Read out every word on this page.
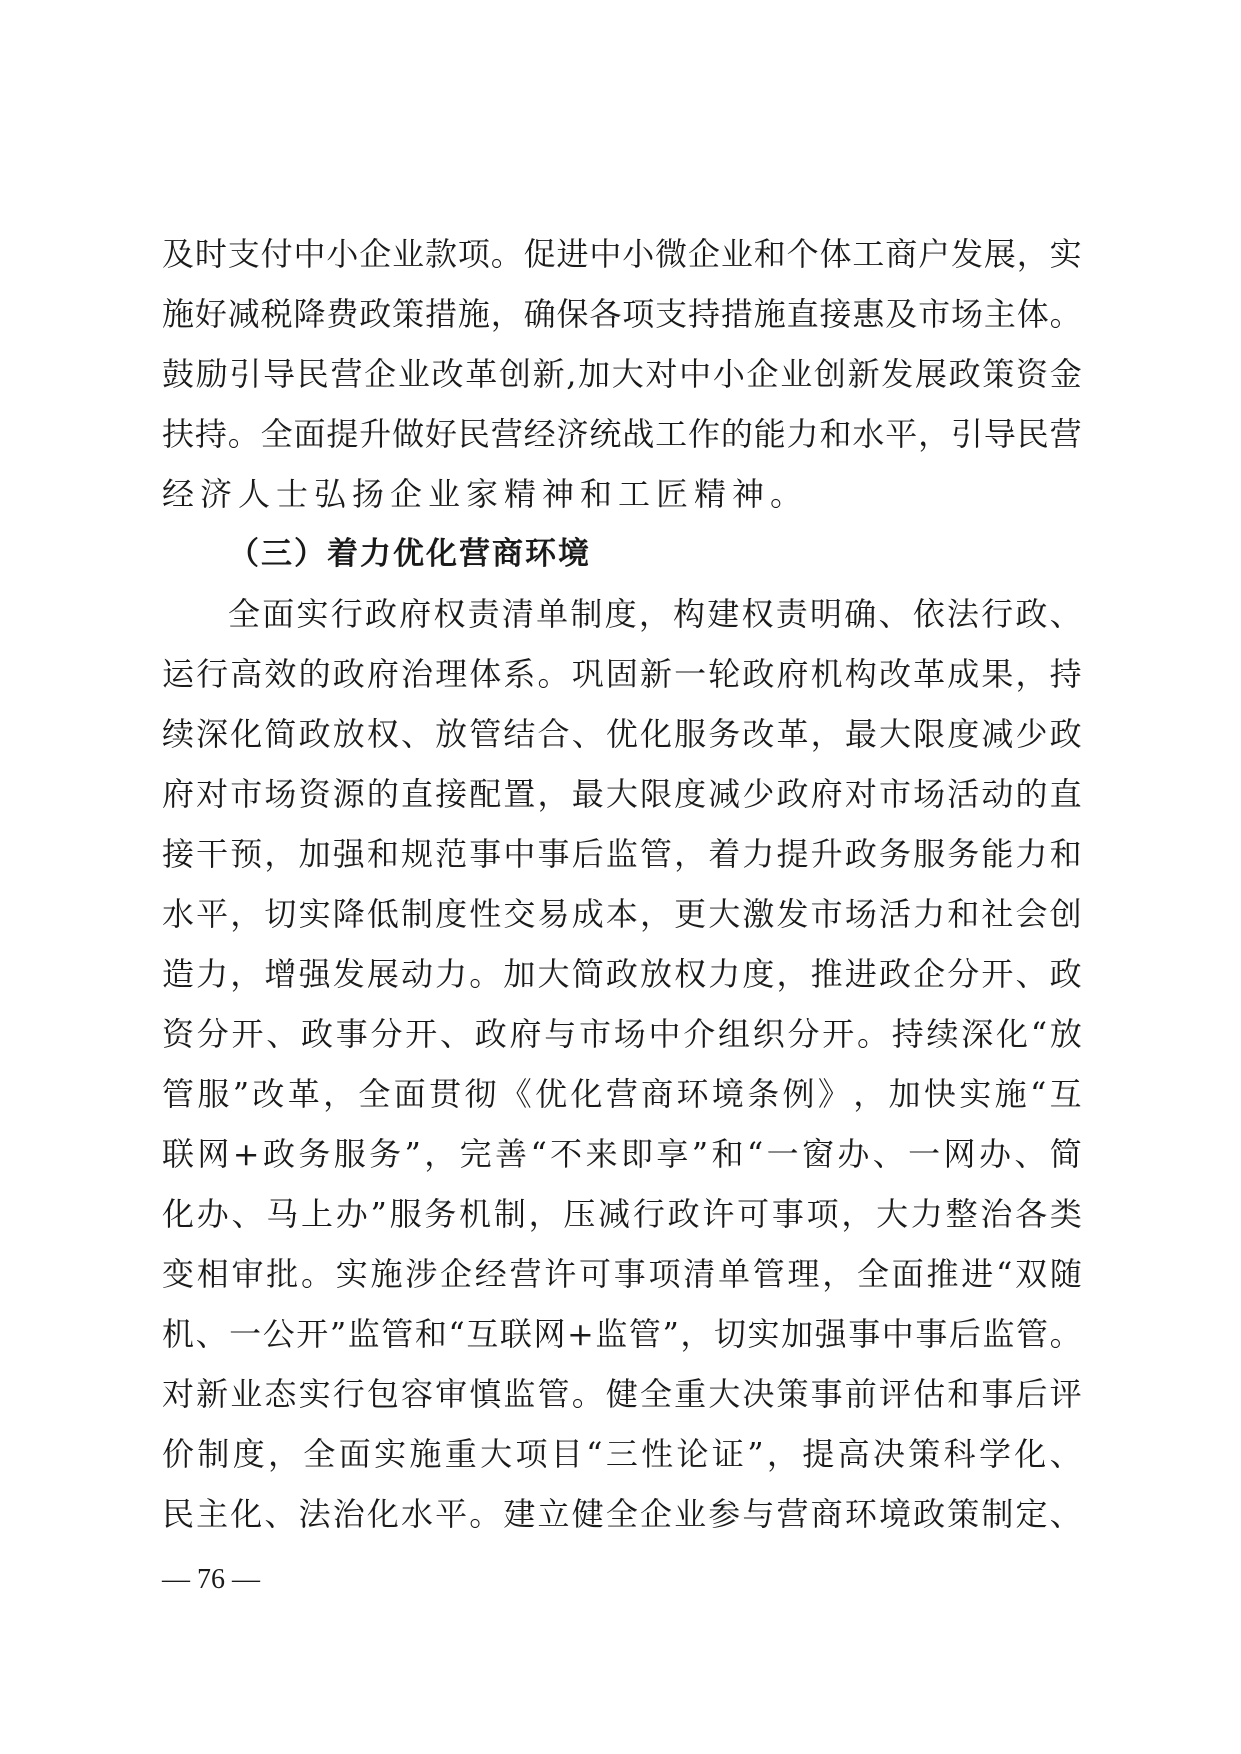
及 时 支 付 中 小 企 业 款 项 。 促 进 中 小 微 企 业 和 个 体 工 商 户 发 展 ， 实
施 好 减 税 降 费 政 策 措 施 ， 确 保 各 项 支 持 措 施 直 接 惠 及 市 场 主 体 。
鼓 励 引 导 民 营 企 业 改 革 创 新 , 加 大 对 中 小 企 业 创 新 发 展 政 策 资 金
扶 持 。 全 面 提 升 做 好 民 营 经 济 统 战 工 作 的 能 力 和 水 平 ， 引 导 民 营
经济人士弘扬企业家精神和工匠精神。
（三）着力优化营商环境
全 面 实 行 政 府 权 责 清 单 制 度 ， 构 建 权 责 明 确 、 依 法 行 政 、
运 行 高 效 的 政 府 治 理 体 系 。 巩 固 新 一 轮 政 府 机 构 改 革 成 果 ， 持
续 深 化 简 政 放 权 、 放 管 结 合 、 优 化 服 务 改 革 ， 最 大 限 度 减 少 政
府 对 市 场 资 源 的 直 接 配 置 ， 最 大 限 度 减 少 政 府 对 市 场 活 动 的 直
接 干 预 ， 加 强 和 规 范 事 中 事 后 监 管 ， 着 力 提 升 政 务 服 务 能 力 和
水 平 ， 切 实 降 低 制 度 性 交 易 成 本 ， 更 大 激 发 市 场 活 力 和 社 会 创
造 力 ， 增 强 发 展 动 力 。 加 大 简 政 放 权 力 度 ， 推 进 政 企 分 开 、 政
资 分 开 、 政 事 分 开 、 政 府 与 市 场 中 介 组 织 分 开 。 持 续 深 化 “ 放
管 服 ” 改 革 ， 全 面 贯 彻 《 优 化 营 商 环 境 条 例 》 ， 加 快 实 施 “ 互
联 网 + 政 务 服 务 ” ， 完 善 “ 不 来 即 享 ” 和 “ 一 窗 办 、 一 网 办 、 简
化 办 、 马 上 办 ” 服 务 机 制 ， 压 减 行 政 许 可 事 项 ， 大 力 整 治 各 类
变 相 审 批 。 实 施 涉 企 经 营 许 可 事 项 清 单 管 理 ， 全 面 推 进 “ 双 随
机 、 一 公 开 ” 监 管 和 “ 互 联 网 + 监 管 ” ， 切 实 加 强 事 中 事 后 监 管 。
对 新 业 态 实 行 包 容 审 慎 监 管 。 健 全 重 大 决 策 事 前 评 估 和 事 后 评
价 制 度 ， 全 面 实 施 重 大 项 目 “ 三 性 论 证 ” ， 提 高 决 策 科 学 化 、
民 主 化 、 法 治 化 水 平 。 建 立 健 全 企 业 参 与 营 商 环 境 政 策 制 定 、
— 76 —
